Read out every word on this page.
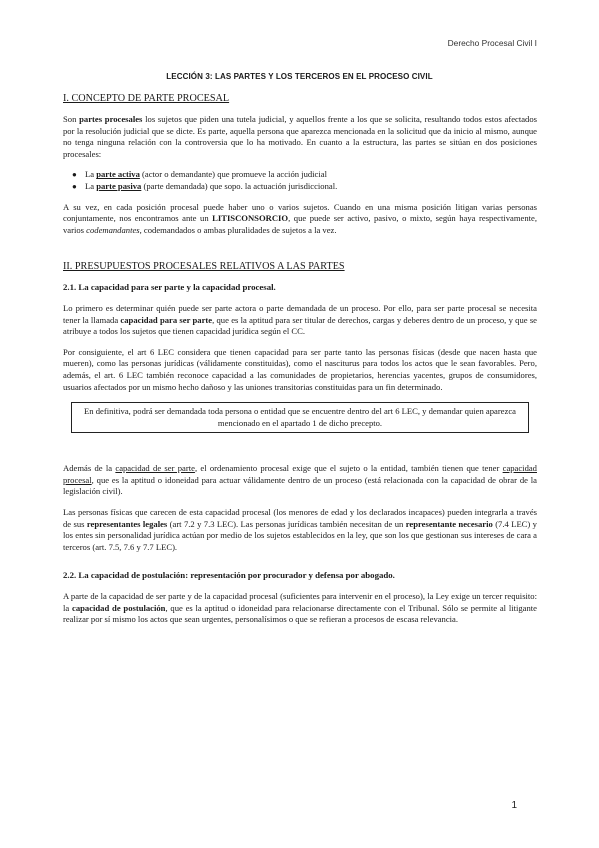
Derecho Procesal Civil I
LECCIÓN 3: LAS PARTES Y LOS TERCEROS EN EL PROCESO CIVIL
I. CONCEPTO DE PARTE PROCESAL

Son partes procesales los sujetos que piden una tutela judicial, y aquellos frente a los que se solicita, resultando todos estos afectados por la resolución judicial que se dicte. Es parte, aquella persona que aparezca mencionada en la solicitud que da inicio al mismo, aunque no tenga ninguna relación con la controversia que lo ha motivado. En cuanto a la estructura, las partes se sitúan en dos posiciones procesales:

● La parte activa (actor o demandante) que promueve la acción judicial
● La parte pasiva (parte demandada) que sopo. la actuación jurisdiccional.

A su vez, en cada posición procesal puede haber uno o varios sujetos. Cuando en una misma posición litigan varias personas conjuntamente, nos encontramos ante un LITISCONSORCIO, que puede ser activo, pasivo, o mixto, según haya respectivamente, varios codemandantes, codemandados o ambas pluralidades de sujetos a la vez.

II. PRESUPUESTOS PROCESALES RELATIVOS A LAS PARTES
2.1. La capacidad para ser parte y la capacidad procesal.

Lo primero es determinar quién puede ser parte actora o parte demandada de un proceso. Por ello, para ser parte procesal se necesita tener la llamada capacidad para ser parte, que es la aptitud para ser titular de derechos, cargas y deberes dentro de un proceso, y que se atribuye a todos los sujetos que tienen capacidad jurídica según el CC.

Por consiguiente, el art 6 LEC considera que tienen capacidad para ser parte tanto las personas físicas (desde que nacen hasta que mueren), como las personas jurídicas (válidamente constituidas), como el nasciturus para todos los actos que le sean favorables. Pero, además, el art. 6 LEC también reconoce capacidad a las comunidades de propietarios, herencias yacentes, grupos de consumidores, usuarios afectados por un mismo hecho dañoso y las uniones transitorias constituidas para un fin determinado.

En definitiva, podrá ser demandada toda persona o entidad que se encuentre dentro del art 6 LEC, y demandar quien aparezca mencionado en el apartado 1 de dicho precepto.

Además de la capacidad de ser parte, el ordenamiento procesal exige que el sujeto o la entidad, también tienen que tener capacidad procesal, que es la aptitud o idoneidad para actuar válidamente dentro de un proceso (está relacionada con la capacidad de obrar de la legislación civil).

Las personas físicas que carecen de esta capacidad procesal (los menores de edad y los declarados incapaces) pueden integrarla a través de sus representantes legales (art 7.2 y 7.3 LEC). Las personas jurídicas también necesitan de un representante necesario (7.4 LEC) y los entes sin personalidad jurídica actúan por medio de los sujetos establecidos en la ley, que son los que gestionan sus intereses de cara a terceros (art. 7.5, 7.6 y 7.7 LEC).

2.2. La capacidad de postulación: representación por procurador y defensa por abogado.

A parte de la capacidad de ser parte y de la capacidad procesal (suficientes para intervenir en el proceso), la Ley exige un tercer requisito: la capacidad de postulación, que es la aptitud o idoneidad para relacionarse directamente con el Tribunal. Sólo se permite al litigante realizar por sí mismo los actos que sean urgentes, personalísimos o que se refieran a procesos de escasa relevancia.

1
